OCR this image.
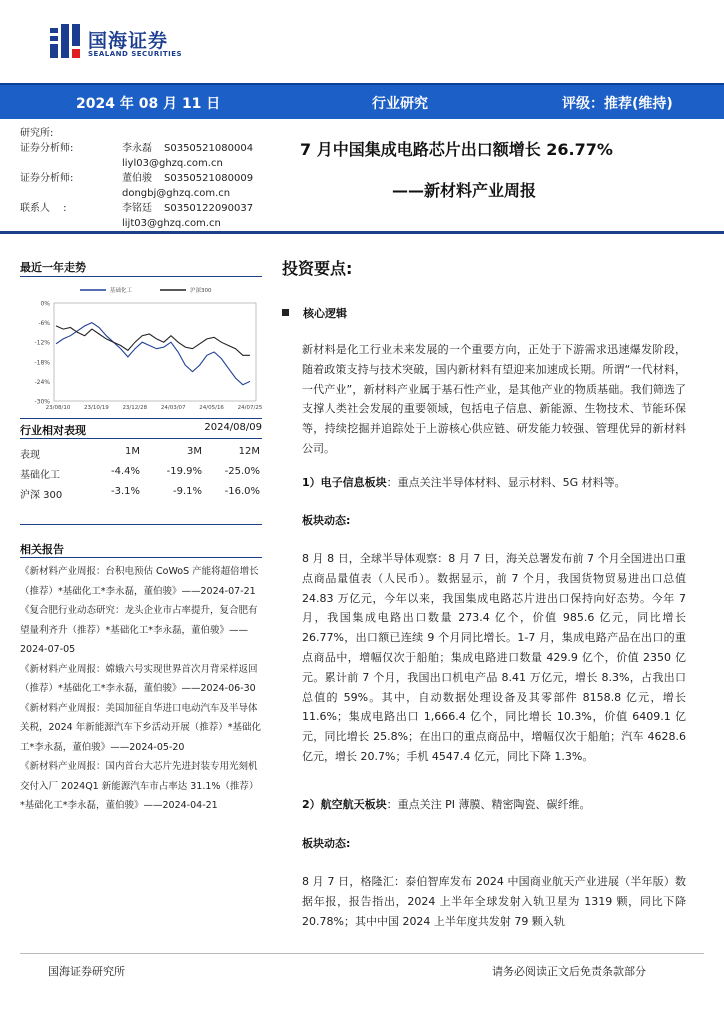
国海证券
SEALAND SECURITIES
2024 年 08 月 11 日	行业研究	评级：推荐(维持)
研究所:
证券分析师:	李永磊 S0350521080004
liyl03@ghzq.com.cn
证券分析师:	董伯骏 S0350521080009
dongbj@ghzq.com.cn
联系人 　:	李铭廷 S0350122090037
lijt03@ghzq.com.cn
7 月中国集成电路芯片出口额增长 26.77%
——新材料产业周报
最近一年走势
0%
-6%
-12%
-18%
-24%
-30%
23/08/10 23/10/19 23/12/28 24/03/07 24/05/16 24/07/25
基础化工	沪深300
行业相对表现	2024/08/09
表现	1M	3M	12M
基础化工	-4.4%	-19.9% -25.0%
沪深 300	-3.1%	-9.1% -16.0%
相关报告

《新材料产业周报：台积电预估 CoWoS 产能将超倍增长（推荐）*基础化工*李永磊，董伯骏》——2024-07-21

《复合肥行业动态研究：龙头企业市占率提升，复合肥有望量利齐升（推荐）*基础化工*李永磊，董伯骏》——2024-07-05

《新材料产业周报：嫦娥六号实现世界首次月背采样返回（推荐）*基础化工*李永磊，董伯骏》——2024-06-30

《新材料产业周报：美国加征自华进口电动汽车及半导体关税，2024 年新能源汽车下乡活动开展（推荐）*基础化工*李永磊，董伯骏》——2024-05-20

《新材料产业周报：国内首台大芯片先进封装专用光刻机交付入厂 2024Q1 新能源汽车市占率达 31.1%（推荐）*基础化工*李永磊，董伯骏》——2024-04-21

投资要点:
核心逻辑
新材料是化工行业未来发展的一个重要方向，正处于下游需求迅速爆发阶段，随着政策支持与技术突破，国内新材料有望迎来加速成长期。所谓“一代材料，一代产业”，新材料产业属于基石性产业，是其他产业的物质基础。我们筛选了支撑人类社会发展的重要领域，包括电子信息、新能源、生物技术、节能环保等，持续挖掘并追踪处于上游核心供应链、研发能力较强、管理优异的新材料公司。
1）电子信息板块：重点关注半导体材料、显示材料、5G 材料等。
板块动态:
8 月 8 日，全球半导体观察：8 月 7 日，海关总署发布前 7 个月全国进出口重点商品量值表（人民币）。数据显示，前 7 个月，我国货物贸易进出口总值 24.83 万亿元，今年以来，我国集成电路芯片进出口保持向好态势。今年 7 月，我国集成电路出口数量 273.4 亿个，价值 985.6 亿元，同比增长 26.77%，出口额已连续 9 个月同比增长。1-7 月，集成电路产品在出口的重点商品中，增幅仅次于船舶；集成电路进口数量 429.9 亿个，价值 2350 亿元。累计前 7 个月，我国出口机电产品 8.41 万亿元，增长 8.3%，占我出口总值的 59%。其中，自动数据处理设备及其零部件 8158.8 亿元，增长 11.6%；集成电路出口 1,666.4 亿个，同比增长 10.3%，价值 6409.1 亿元，同比增长 25.8%；在出口的重点商品中，增幅仅次于船舶；汽车 4628.6 亿元，增长 20.7%；手机 4547.4 亿元，同比下降 1.3%。
2）航空航天板块：重点关注 PI 薄膜、精密陶瓷、碳纤维。
板块动态:
8 月 7 日，格隆汇：泰伯智库发布 2024 中国商业航天产业进展（半年版）数据年报，报告指出，2024 上半年全球发射入轨卫星为 1319 颗，同比下降 20.78%；其中中国 2024 上半年度共发射 79 颗入轨
国海证券研究所	请务必阅读正文后免责条款部分
